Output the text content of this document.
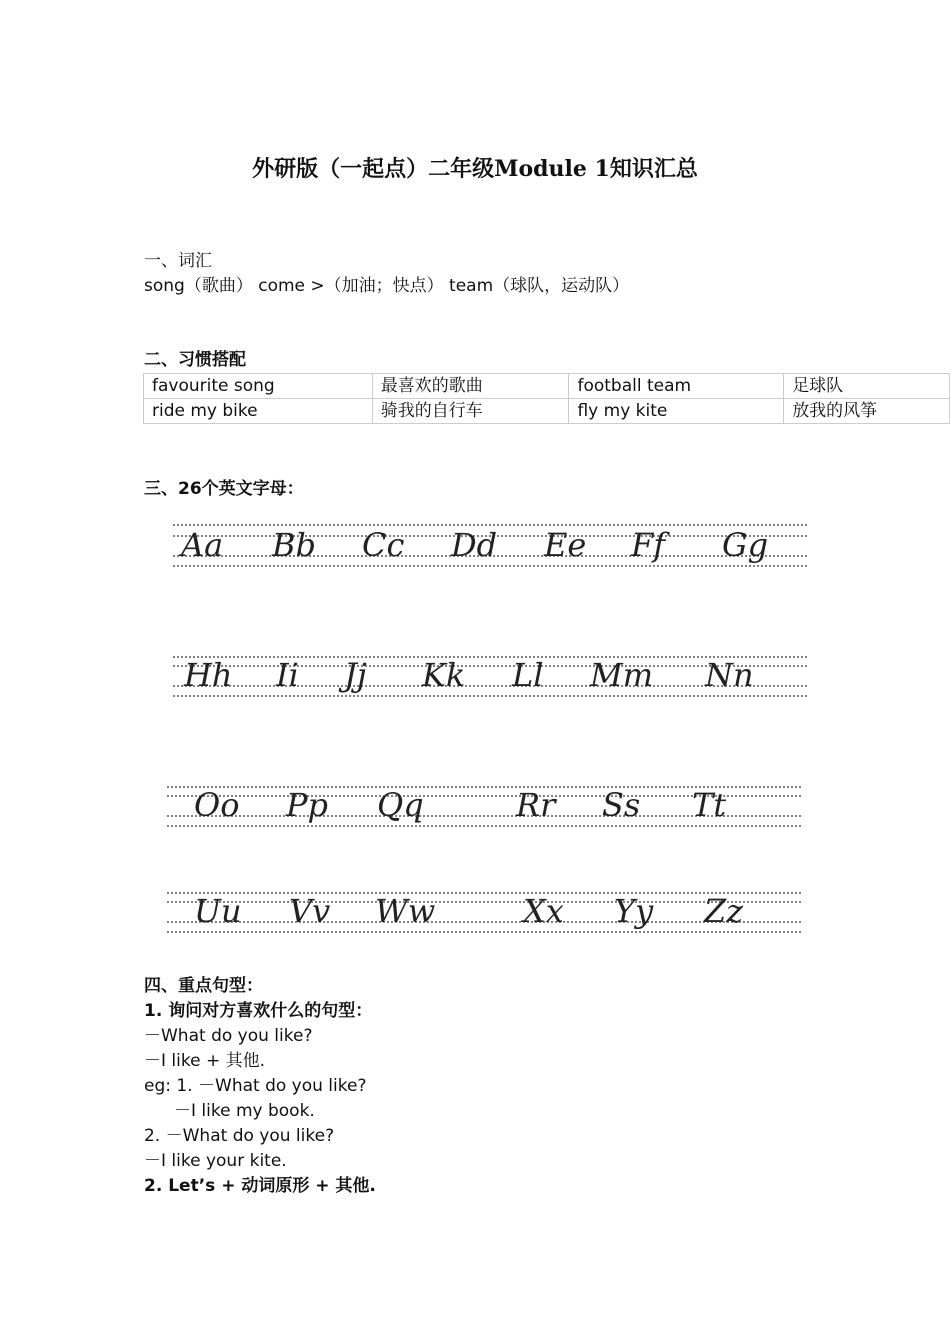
外研版（一起点）二年级Module 1知识汇总
一、词汇
song（歌曲） come >（加油；快点） team（球队，运动队）
二、习惯搭配
favourite song	最喜欢的歌曲	football team	足球队
ride my bike	骑我的自行车	fly my kite	放我的风筝
三、26个英文字母：
Aa Bb Cc Dd Ee Ff Gg
Hh Ii Jj Kk Ll Mm Nn
Oo Pp Qq	Rr Ss Tt
Uu Vv Ww	Xx Yy Zz
四、重点句型：
1. 询问对方喜欢什么的句型：
－What do you like?
－I like + 其他.
eg: 1. －What do you like?
－I like my book.
2. －What do you like?
－I like your kite.
2. Let’s + 动词原形 + 其他.
